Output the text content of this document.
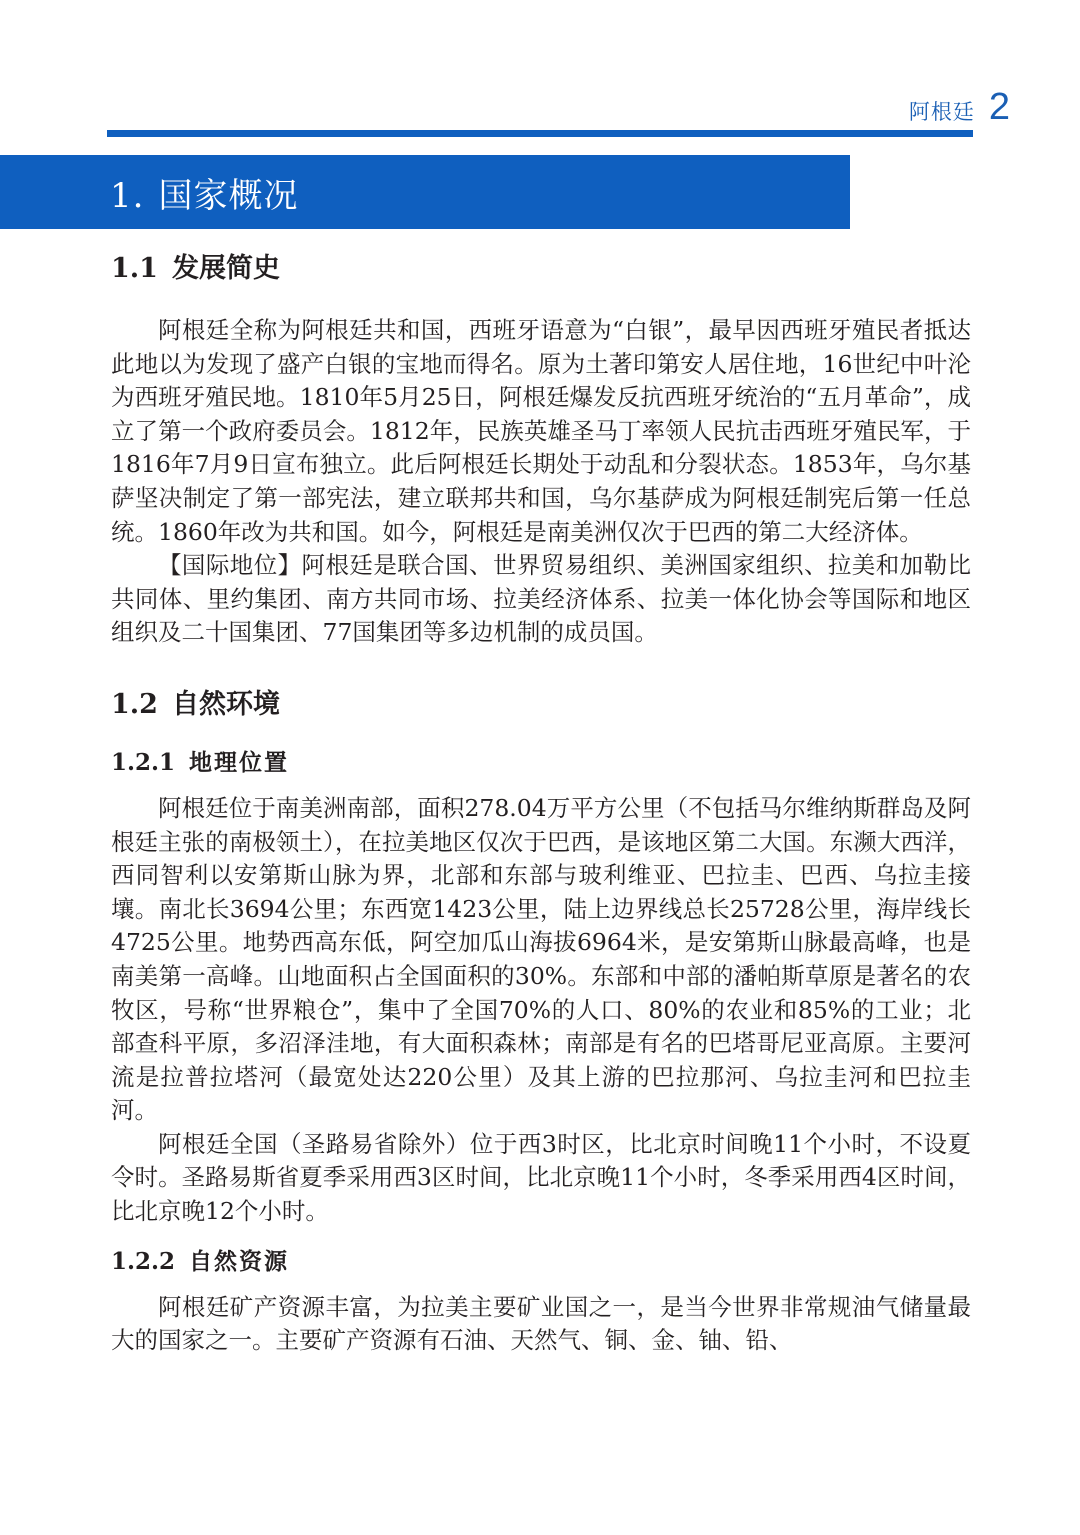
阿根廷 2
1. 国家概况
1.1 发展简史

阿根廷全称为阿根廷共和国，西班牙语意为“白银”，最早因西班牙殖民者抵达此地以为发现了盛产白银的宝地而得名。原为土著印第安人居住地，16世纪中叶沦为西班牙殖民地。1810年5月25日，阿根廷爆发反抗西班牙统治的“五月革命”，成立了第一个政府委员会。1812年，民族英雄圣马丁率领人民抗击西班牙殖民军，于1816年7月9日宣布独立。此后阿根廷长期处于动乱和分裂状态。1853年，乌尔基萨坚决制定了第一部宪法，建立联邦共和国，乌尔基萨成为阿根廷制宪后第一任总统。1860年改为共和国。如今，阿根廷是南美洲仅次于巴西的第二大经济体。

【国际地位】阿根廷是联合国、世界贸易组织、美洲国家组织、拉美和加勒比共同体、里约集团、南方共同市场、拉美经济体系、拉美一体化协会等国际和地区组织及二十国集团、77国集团等多边机制的成员国。

1.2 自然环境
1.2.1 地理位置

阿根廷位于南美洲南部，面积278.04万平方公里（不包括马尔维纳斯群岛及阿根廷主张的南极领土），在拉美地区仅次于巴西，是该地区第二大国。东濒大西洋，西同智利以安第斯山脉为界，北部和东部与玻利维亚、巴拉圭、巴西、乌拉圭接壤。南北长3694公里；东西宽1423公里，陆上边界线总长25728公里，海岸线长4725公里。地势西高东低，阿空加瓜山海拔6964米，是安第斯山脉最高峰，也是南美第一高峰。山地面积占全国面积的30%。东部和中部的潘帕斯草原是著名的农牧区，号称“世界粮仓”，集中了全国70%的人口、80%的农业和85%的工业；北部查科平原，多沼泽洼地，有大面积森林；南部是有名的巴塔哥尼亚高原。主要河流是拉普拉塔河（最宽处达220公里）及其上游的巴拉那河、乌拉圭河和巴拉圭河。

阿根廷全国（圣路易省除外）位于西3时区，比北京时间晚11个小时，不设夏令时。圣路易斯省夏季采用西3区时间，比北京晚11个小时，冬季采用西4区时间，比北京晚12个小时。

1.2.2 自然资源

阿根廷矿产资源丰富，为拉美主要矿业国之一，是当今世界非常规油气储量最大的国家之一。主要矿产资源有石油、天然气、铜、金、铀、铅、
